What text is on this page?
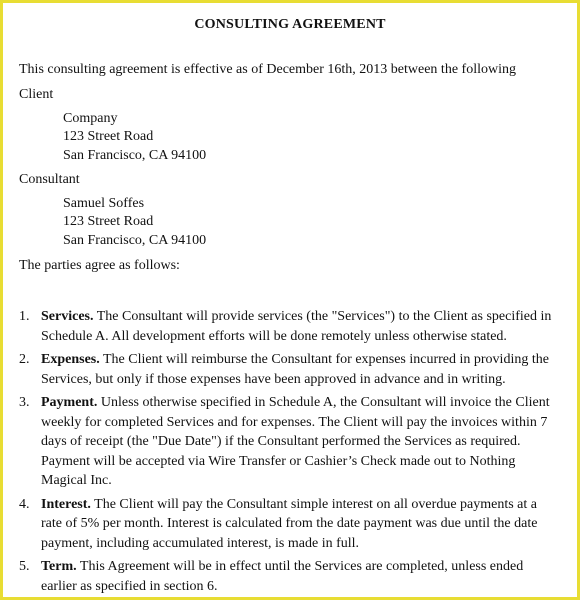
CONSULTING AGREEMENT
This consulting agreement is effective as of December 16th, 2013 between the following
Client
Company
123 Street Road
San Francisco, CA 94100
Consultant
Samuel Soffes
123 Street Road
San Francisco, CA 94100
The parties agree as follows:
1. Services. The Consultant will provide services (the "Services") to the Client as specified in Schedule A. All development efforts will be done remotely unless otherwise stated.
2. Expenses. The Client will reimburse the Consultant for expenses incurred in providing the Services, but only if those expenses have been approved in advance and in writing.
3. Payment. Unless otherwise specified in Schedule A, the Consultant will invoice the Client weekly for completed Services and for expenses. The Client will pay the invoices within 7 days of receipt (the "Due Date") if the Consultant performed the Services as required. Payment will be accepted via Wire Transfer or Cashier’s Check made out to Nothing Magical Inc.
4. Interest. The Client will pay the Consultant simple interest on all overdue payments at a rate of 5% per month. Interest is calculated from the date payment was due until the date payment, including accumulated interest, is made in full.
5. Term. This Agreement will be in effect until the Services are completed, unless ended earlier as specified in section 6.
